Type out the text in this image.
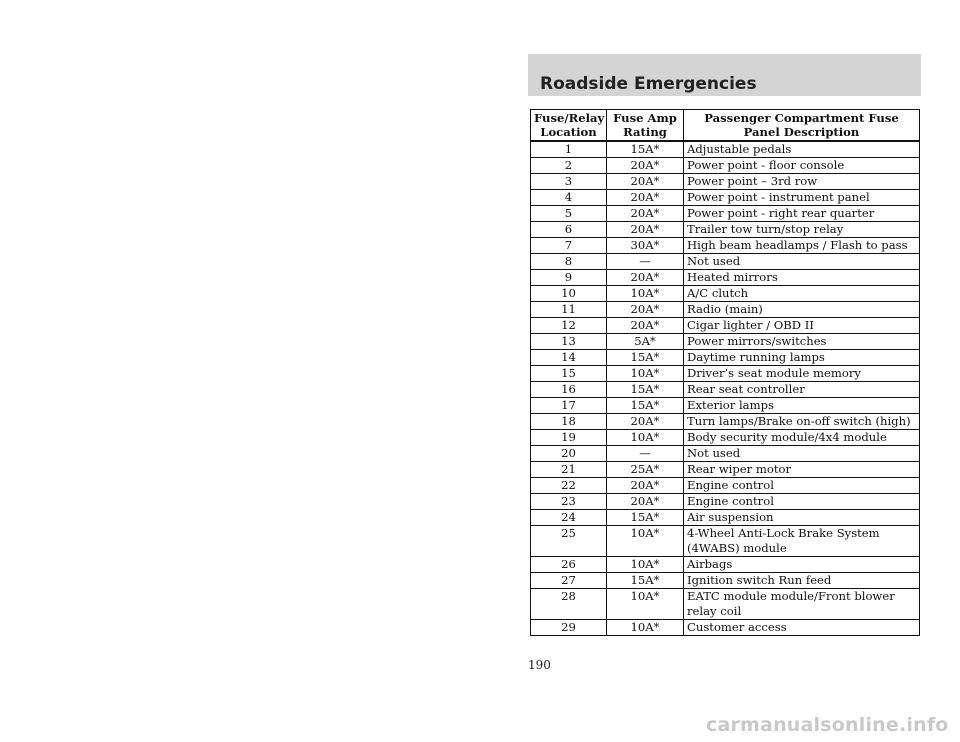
Roadside Emergencies
Fuse/Relay Location	Fuse Amp Rating	Passenger Compartment Fuse Panel Description
1	15A*	Adjustable pedals
2	20A*	Power point - floor console
3	20A*	Power point – 3rd row
4	20A*	Power point - instrument panel
5	20A*	Power point - right rear quarter
6	20A*	Trailer tow turn/stop relay
7	30A*	High beam headlamps / Flash to pass
8	—	Not used
9	20A*	Heated mirrors
10	10A*	A/C clutch
11	20A*	Radio (main)
12	20A*	Cigar lighter / OBD II
13	5A*	Power mirrors/switches
14	15A*	Daytime running lamps
15	10A*	Driver’s seat module memory
16	15A*	Rear seat controller
17	15A*	Exterior lamps
18	20A*	Turn lamps/Brake on-off switch (high)
19	10A*	Body security module/4x4 module
20	—	Not used
21	25A*	Rear wiper motor
22	20A*	Engine control
23	20A*	Engine control
24	15A*	Air suspension
25	10A*	4-Wheel Anti-Lock Brake System (4WABS) module
26	10A*	Airbags
27	15A*	Ignition switch Run feed
28	10A*	EATC module module/Front blower relay coil
29	10A*	Customer access
190
carmanualsonline.info
